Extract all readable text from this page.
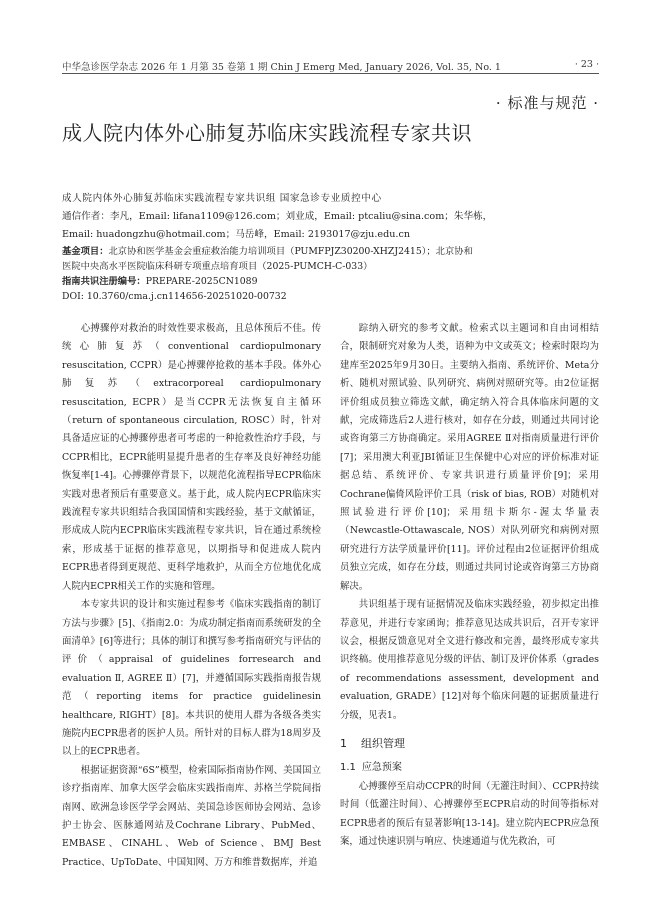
中华急诊医学杂志 2026 年 1 月第 35 卷第 1 期 Chin J Emerg Med, January 2026, Vol. 35, No. 1	· 23 ·
· 标准与规范 ·
成人院内体外心肺复苏临床实践流程专家共识
成人院内体外心肺复苏临床实践流程专家共识组 国家急诊专业质控中心
通信作者：李凡，Email: lifana1109@126.com；刘业成，Email: ptcaliu@sina.com；朱华栋，
Email: huadongzhu@hotmail.com；马岳峰，Email: 2193017@zju.edu.cn
基金项目：北京协和医学基金会重症救治能力培训项目（PUMFPJZ30200-XHZJ2415）；北京协和
医院中央高水平医院临床科研专项重点培育项目（2025-PUMCH-C-033）
指南共识注册编号：PREPARE-2025CN1089
DOI: 10.3760/cma.j.cn114656-20251020-00732

心搏骤停对救治的时效性要求极高，且总体预后不佳。传统心肺复苏（conventional cardiopulmonary resuscitation, CCPR）是心搏骤停抢救的基本手段。体外心肺复苏（extracorporeal cardiopulmonary resuscitation, ECPR）是当CCPR无法恢复自主循环（return of spontaneous circulation, ROSC）时，针对具备适应证的心搏骤停患者可考虑的一种抢救性治疗手段，与CCPR相比，ECPR能明显提升患者的生存率及良好神经功能恢复率[1-4]。心搏骤停背景下，以规范化流程指导ECPR临床实践对患者预后有重要意义。基于此，成人院内ECPR临床实践流程专家共识组结合我国国情和实践经验，基于文献循证，形成成人院内ECPR临床实践流程专家共识，旨在通过系统检索，形成基于证据的推荐意见，以期指导和促进成人院内ECPR患者得到更规范、更科学地救护，从而全方位地优化成人院内ECPR相关工作的实施和管理。

本专家共识的设计和实施过程参考《临床实践指南的制订方法与步骤》[5]、《指南2.0：为成功制定指南而系统研发的全面清单》[6]等进行；具体的制订和撰写参考指南研究与评估的评价（appraisal of guidelines forresearch and evaluation Ⅱ, AGREE Ⅱ）[7]，并遵循国际实践指南报告规范（reporting items for practice guidelinesin healthcare, RIGHT）[8]。本共识的使用人群为各级各类实施院内ECPR患者的医护人员。所针对的目标人群为18周岁及以上的ECPR患者。

根据证据资源“6S”模型，检索国际指南协作网、美国国立诊疗指南库、加拿大医学会临床实践指南库、苏格兰学院间指南网、欧洲急诊医学学会网站、美国急诊医师协会网站、急诊护士协会、医脉通网站及Cochrane Library、PubMed、EMBASE、CINAHL、Web of Science、BMJ Best Practice、UpToDate、中国知网、万方和维普数据库，并追

踪纳入研究的参考文献。检索式以主题词和自由词相结合，限制研究对象为人类，语种为中文或英文；检索时限均为建库至2025年9月30日。主要纳入指南、系统评价、Meta分析、随机对照试验、队列研究、病例对照研究等。由2位证据评价组成员独立筛选文献，确定纳入符合具体临床问题的文献，完成筛选后2人进行核对，如存在分歧，则通过共同讨论或咨询第三方协商确定。采用AGREE Ⅱ对指南质量进行评价[7]；采用澳大利亚JBI循证卫生保健中心对应的评价标准对证据总结、系统评价、专家共识进行质量评价[9]；采用Cochrane偏倚风险评价工具（risk of bias, ROB）对随机对照试验进行评价[10]；采用纽卡斯尔-渥太华量表（Newcastle-Ottawascale, NOS）对队列研究和病例对照研究进行方法学质量评价[11]。评价过程由2位证据评价组成员独立完成，如存在分歧，则通过共同讨论或咨询第三方协商解决。

共识组基于现有证据情况及临床实践经验，初步拟定出推荐意见，并进行专家函询；推荐意见达成共识后，召开专家评议会，根据反馈意见对全文进行修改和完善，最终形成专家共识终稿。使用推荐意见分级的评估、制订及评价体系（grades of recommendations assessment, development and evaluation, GRADE）[12]对每个临床问题的证据质量进行分级，见表1。

1 组织管理

1.1 应急预案

心搏骤停至启动CCPR的时间（无灌注时间）、CCPR持续时间（低灌注时间）、心搏骤停至ECPR启动的时间等指标对ECPR患者的预后有显著影响[13-14]。建立院内ECPR应急预案，通过快速识别与响应、快速通道与优先救治，可
